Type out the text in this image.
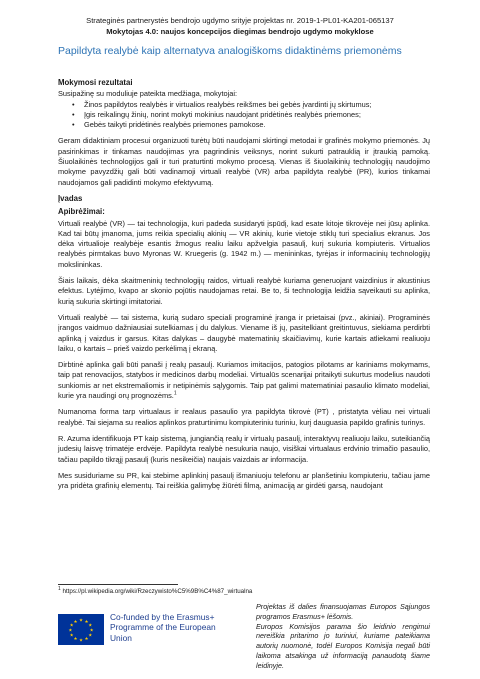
Strateginės partnerystės bendrojo ugdymo srityje projektas nr. 2019-1-PL01-KA201-065137
Mokytojas 4.0: naujos koncepcijos diegimas bendrojo ugdymo mokyklose
Papildyta realybė kaip alternatyva analogiškoms didaktinėms priemonėms
Mokymosi rezultatai
Susipažinę su moduliuje pateikta medžiaga, mokytojai:
• Žinos papildytos realybės ir virtualios realybės reikšmes bei gebės įvardinti jų skirtumus;
• Įgis reikalingų žinių, norint mokyti mokinius naudojant pridėtinės realybės priemones;
• Gebės taikyti pridėtinės realybės priemones pamokose.
Geram didaktiniam procesui organizuoti turėtų būti naudojami skirtingi metodai ir grafinės mokymo priemonės. Jų pasirinkimas ir tinkamas naudojimas yra pagrindinis veiksnys, norint sukurti patrauklią ir įtraukią pamoką. Šiuolaikinės technologijos gali ir turi praturtinti mokymo procesą. Vienas iš šiuolaikinių technologijų naudojimo mokyme pavyzdžių gali būti vadinamoji virtuali realybė (VR) arba papildyta realybė (PR), kurios tinkamai naudojamos gali padidinti mokymo efektyvumą.
Įvadas
Apibrėžimai:
Virtuali realybė (VR) — tai technologija, kuri padeda susidaryti įspūdį, kad esate kitoje tikrovėje nei jūsų aplinka. Kad tai būtų įmanoma, jums reikia specialių akinių — VR akinių, kurie vietoje stiklų turi specialius ekranus. Jos dėka virtualioje realybėje esantis žmogus realiu laiku apžvelgia pasaulį, kurį sukuria kompiuteris. Virtualios realybės pirmtakas buvo Myronas W. Kruegeris (g. 1942 m.) — menininkas, tyrėjas ir informacinių technologijų mokslininkas.
Šiais laikais, dėka skaitmeninių technologijų raidos, virtuali realybė kuriama generuojant vaizdinius ir akustinius efektus. Lytėjimo, kvapo ar skonio pojūtis naudojamas retai. Be to, ši technologija leidžia sąveikauti su aplinka, kurią sukuria skirtingi imitatoriai.
Virtuali realybė — tai sistema, kurią sudaro speciali programinė įranga ir prietaisai (pvz., akiniai). Programinės įrangos vaidmuo dažniausiai sutelkiamas į du dalykus. Viename iš jų, pasitelkiant greitintuvus, siekiama perdirbti aplinką į vaizdus ir garsus. Kitas dalykas – daugybė matematinių skaičiavimų, kurie kartais atliekami realiuoju laiku, o kartais – prieš vaizdo perkėlimą į ekraną.
Dirbtinė aplinka gali būti panaši į realų pasaulį. Kuriamos imitacijos, patogios pilotams ar kariniams mokymams, taip pat renovacijos, statybos ir medicinos darbų modeliai. Virtualūs scenarijai pritaikyti sukurtus modelius naudoti sunkiomis ar net ekstremaliomis ir netipinėmis sąlygomis. Taip pat galimi matematiniai pasaulio klimato modeliai, kurie yra naudingi orų prognozėms.$^1$
Numanoma forma tarp virtualaus ir realaus pasaulio yra papildyta tikrovė (PT) , pristatyta vėliau nei virtuali realybė. Tai siejama su realios aplinkos praturtinimu kompiuteriniu turiniu, kurį dauguasia papildo grafinis turinys.
R. Azuma identifikuoja PT kaip sistemą, jungiančią realų ir virtualų pasaulį, interaktyvų realiuoju laiku, suteikiančią judesių laisvę trimatėje erdvėje. Papildyta realybė nesukuria naujo, visiškai virtualaus erdvinio trimačio pasaulio, tačiau papildo tikrąjį pasaulį (kuris nesikeičia) naujais vaizdais ar informacija.
Mes susiduriame su PR, kai stebime aplinkinį pasaulį išmaniuoju telefonu ar planšetiniu kompiuteriu, tačiau jame yra pridėta grafinių elementų. Tai reiškia galimybę žiūrėti filmą, animaciją ar girdėti garsą, naudojant
$^1$ https://pl.wikipedia.org/wiki/Rzeczywisto%C5%9B%C4%87_wirtualna
★ ★
★
★
★
★
★
★
★
★
★
★
Co-funded by the Erasmus+ Programme of the European Union
Projektas iš dalies finansuojamas Europos Sąjungos programos Erasmus+ lėšomis.
Europos Komisijos parama šio leidinio rengimui nereiškia pritarimo jo turiniui, kuriame pateikiama autorių nuomonė, todėl Europos Komisija negali būti laikoma atsakinga už informaciją panaudotą šiame leidinyje.
